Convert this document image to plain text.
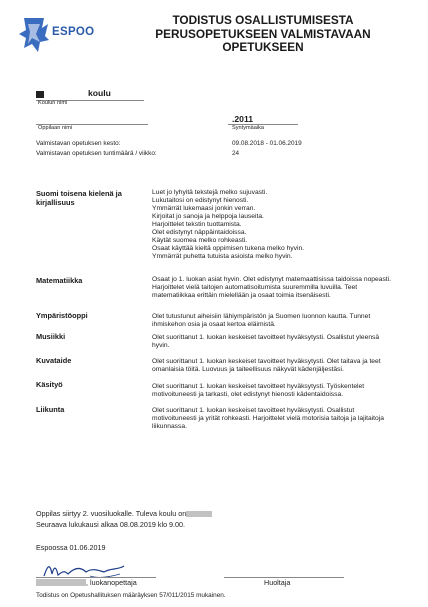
ESPOO
TODISTUS OSALLISTUMISESTA
PERUSOPETUKSEEN VALMISTAVAAN
OPETUKSEEN
koulu
Koulun nimi
.2011
Oppilaan nimi	Syntymäaika
Valmistavan opetuksen kesto:	09.08.2018 - 01.06.2019
Valmistavan opetuksen tuntimäärä / viikko:	24
Suomi toisena kielenä ja
kirjallisuus
Luet jo lyhyitä tekstejä melko sujuvasti.
Lukutaitosi on edistynyt hienosti.
Ymmärrät lukemaasi jonkin verran.
Kirjoitat jo sanoja ja helppoja lauseita.
Harjoittelet tekstin tuottamista.
Olet edistynyt näppäintaidoissa.
Käytät suomea melko rohkeasti.
Osaat käyttää kieltä oppimisen tukena melko hyvin.
Ymmärrät puhetta tutuista asioista melko hyvin.
Matematiikka	Osaat jo 1. luokan asiat hyvin. Olet edistynyt matemaattisissa taidoissa nopeasti.
Harjoittelet vielä taitojen automatisoitumista suuremmilla luvuilla. Teet
matematiikkaa erittäin mielellään ja osaat toimia itsenäisesti.
Ympäristöoppi	Olet tutustunut aiheisiin lähiympäristön ja Suomen luonnon kautta. Tunnet
ihmiskehon osia ja osaat kertoa eläimistä.
Musiikki	Olet suorittanut 1. luokan keskeiset tavoitteet hyväksytysti. Osallistut yleensä
hyvin.
Kuvataide	Olet suorittanut 1. luokan keskeiset tavoitteet hyväksytysti. Olet taitava ja teet
omanlaisia töitä. Luovuus ja taiteellisuus näkyvät kädenjäljestäsi.
Käsityö	Olet suorittanut 1. luokan keskeiset tavoitteet hyväksytysti. Työskentelet
motivoituneesti ja tarkasti, olet edistynyt hienosti kädentaidoissa.
Liikunta	Olet suorittanut 1. luokan keskeiset tavoitteet hyväksytysti. Osallistut
motivoituneesti ja yrität rohkeasti. Harjoittelet vielä motorisia taitoja ja lajitaitoja
liikunnassa.
Oppilas siirtyy 2. vuosiluokalle. Tuleva koulu on
Seuraava lukukausi alkaa 08.08.2019 klo 9.00.
Espoossa 01.06.2019
, luokanopettaja	Huoltaja
Todistus on Opetushallituksen määräyksen 57/011/2015 mukainen.
